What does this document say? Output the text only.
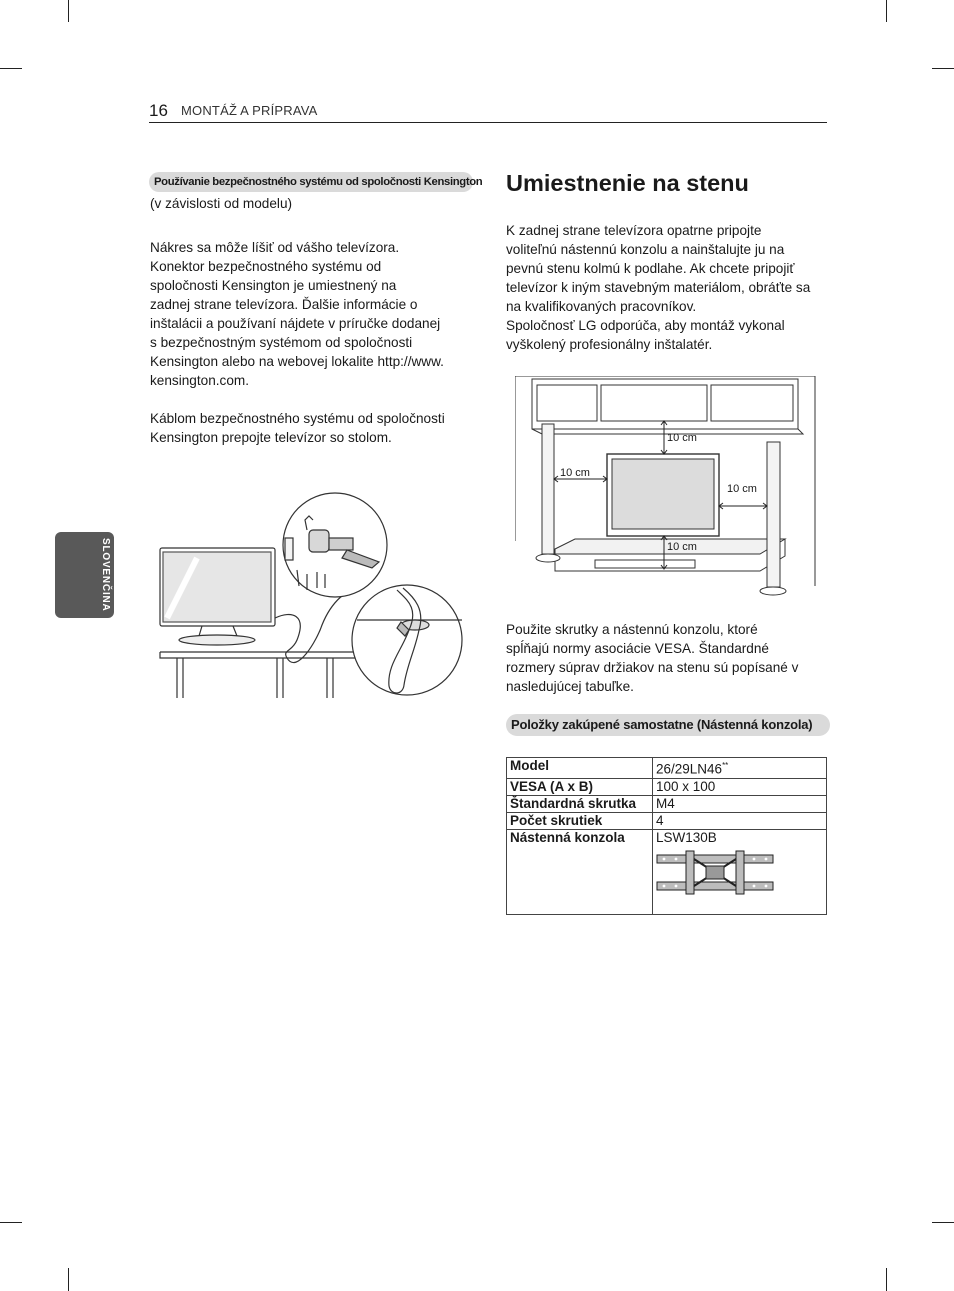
16 MONTÁŽ A PRÍPRAVA
SLOVENČINA
Používanie bezpečnostného systému od spoločnosti Kensington

(v závislosti od modelu)

Nákres sa môže líšiť od vášho televízora.
Konektor bezpečnostného systému od
spoločnosti Kensington je umiestnený na
zadnej strane televízora. Ďalšie informácie o
inštalácii a používaní nájdete v príručke dodanej
s bezpečnostným systémom od spoločnosti
Kensington alebo na webovej lokalite http://www.
kensington.com.

Káblom bezpečnostného systému od spoločnosti
Kensington prepojte televízor so stolom.

Umiestnenie na stenu

K zadnej strane televízora opatrne pripojte
voliteľnú nástennú konzolu a nainštalujte ju na
pevnú stenu kolmú k podlahe. Ak chcete pripojiť
televízor k iným stavebným materiálom, obráťte sa
na kvalifikovaných pracovníkov.
Spoločnosť LG odporúča, aby montáž vykonal
vyškolený profesionálny inštalatér.

10 cm
10 cm
10 cm
10 cm

Použite skrutky a nástennú konzolu, ktoré
spĺňajú normy asociácie VESA. Štandardné
rozmery súprav držiakov na stenu sú popísané v
nasledujúcej tabuľke.

Položky zakúpené samostatne (Nástenná konzola)
Model	26/29LN46**
VESA (A x B)	100 x 100
Štandardná skrutka	M4
Počet skrutiek	4
Nástenná konzola	LSW130B
